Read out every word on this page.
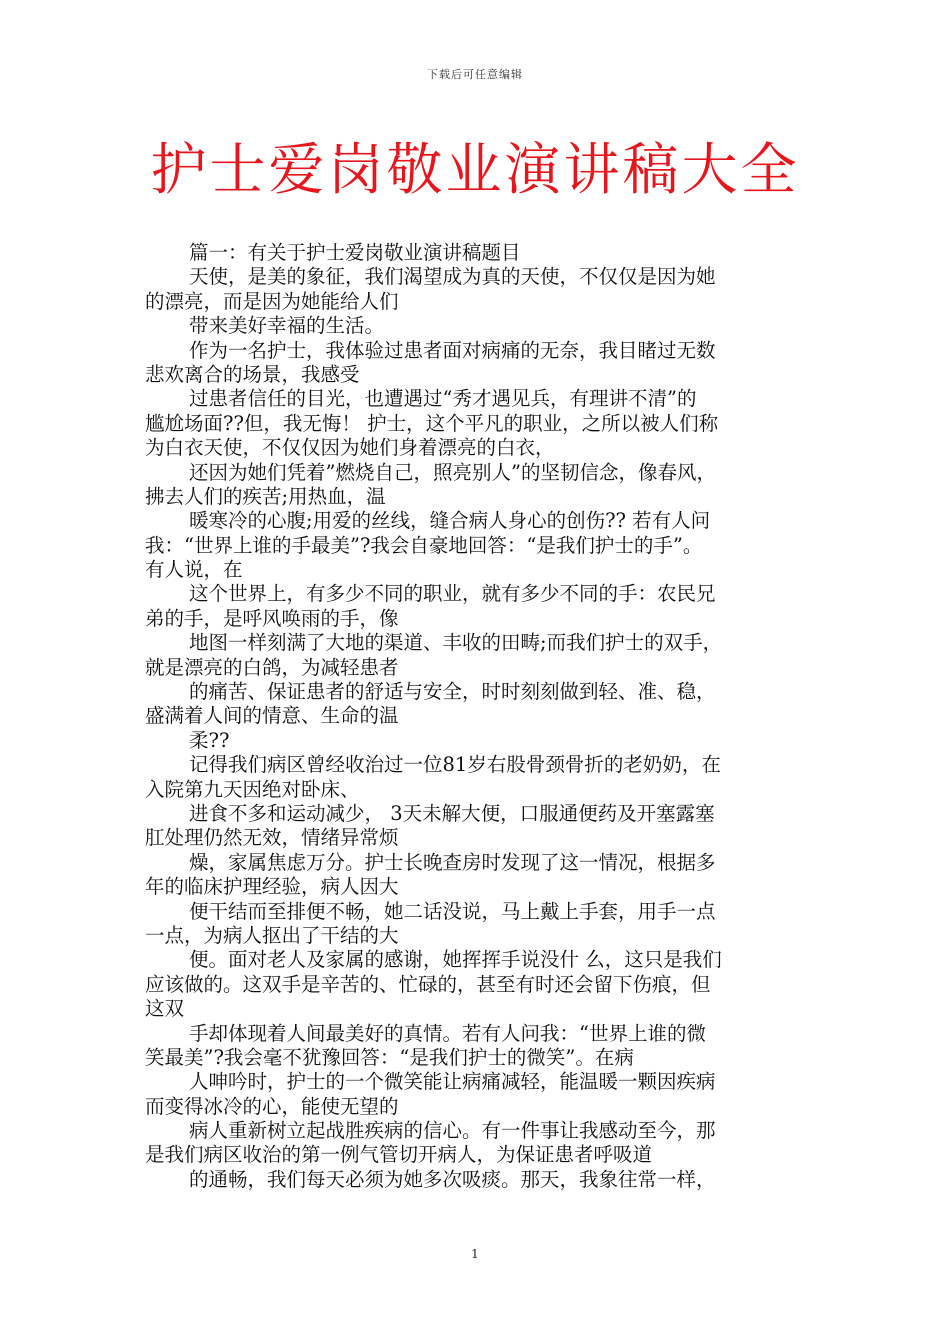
下载后可任意编辑
护士爱岗敬业演讲稿大全
篇一：有关于护士爱岗敬业演讲稿题目
天使，是美的象征，我们渴望成为真的天使，不仅仅是因为她
的漂亮，而是因为她能给人们
带来美好幸福的生活。
作为一名护士，我体验过患者面对病痛的无奈，我目睹过无数
悲欢离合的场景，我感受
过患者信任的目光，也遭遇过“秀才遇见兵，有理讲不清”的
尴尬场面??但，我无悔！ 护士，这个平凡的职业，之所以被人们称
为白衣天使，不仅仅因为她们身着漂亮的白衣，
还因为她们凭着”燃烧自己，照亮别人”的坚韧信念，像春风，
拂去人们的疾苦;用热血，温
暖寒冷的心腹;用爱的丝线，缝合病人身心的创伤?? 若有人问
我：“世界上谁的手最美”?我会自豪地回答：“是我们护士的手”。
有人说，在
这个世界上，有多少不同的职业，就有多少不同的手：农民兄
弟的手，是呼风唤雨的手，像
地图一样刻满了大地的渠道、丰收的田畴;而我们护士的双手，
就是漂亮的白鸽，为减轻患者
的痛苦、保证患者的舒适与安全，时时刻刻做到轻、准、稳，
盛满着人间的情意、生命的温
柔??
记得我们病区曾经收治过一位81岁右股骨颈骨折的老奶奶，在
入院第九天因绝对卧床、
进食不多和运动减少， 3天未解大便，口服通便药及开塞露塞
肛处理仍然无效，情绪异常烦
燥，家属焦虑万分。护士长晚查房时发现了这一情况，根据多
年的临床护理经验，病人因大
便干结而至排便不畅，她二话没说，马上戴上手套，用手一点
一点，为病人抠出了干结的大
便。面对老人及家属的感谢，她挥挥手说没什 么，这只是我们
应该做的。这双手是辛苦的、忙碌的，甚至有时还会留下伤痕，但
这双
手却体现着人间最美好的真情。若有人问我：“世界上谁的微
笑最美”?我会毫不犹豫回答：“是我们护士的微笑”。在病
人呻吟时，护士的一个微笑能让病痛减轻，能温暖一颗因疾病
而变得冰冷的心，能使无望的
病人重新树立起战胜疾病的信心。有一件事让我感动至今，那
是我们病区收治的第一例气管切开病人，为保证患者呼吸道
的通畅，我们每天必须为她多次吸痰。那天，我象往常一样，
1
